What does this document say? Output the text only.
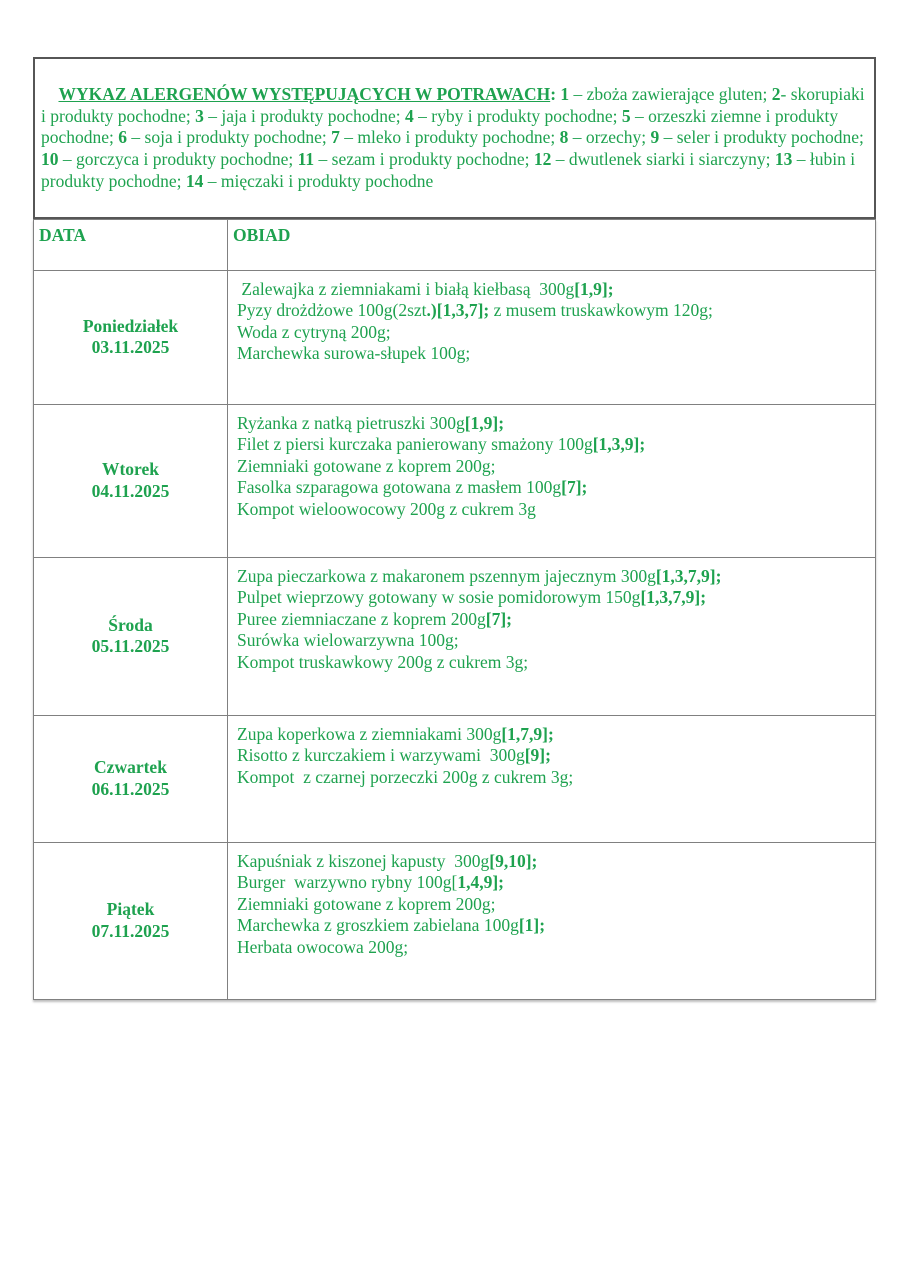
WYKAZ ALERGENÓW WYSTĘPUJĄCYCH W POTRAWACH: 1 – zboża zawierające gluten; 2- skorupiaki i produkty pochodne; 3 – jaja i produkty pochodne; 4 – ryby i produkty pochodne; 5 – orzeszki ziemne i produkty pochodne; 6 – soja i produkty pochodne; 7 – mleko i produkty pochodne; 8 – orzechy; 9 – seler i produkty pochodne; 10 – gorczyca i produkty pochodne; 11 – sezam i produkty pochodne; 12 – dwutlenek siarki i siarczyny; 13 – łubin i produkty pochodne; 14 – mięczaki i produkty pochodne

DATA	OBIAD

Poniedziałek
03.11.2025

Zalewajka z ziemniakami i białą kiełbasą  300g[1,9];
Pyzy drożdżowe 100g(2szt.)[1,3,7]; z musem truskawkowym 120g;
Woda z cytryną 200g;
Marchewka surowa-słupek 100g;

Wtorek
04.11.2025

Ryżanka z natką pietruszki 300g[1,9];
Filet z piersi kurczaka panierowany smażony 100g[1,3,9];
Ziemniaki gotowane z koprem 200g;
Fasolka szparagowa gotowana z masłem 100g[7];
Kompot wieloowocowy 200g z cukrem 3g

Środa
05.11.2025

Zupa pieczarkowa z makaronem pszennym jajecznym 300g[1,3,7,9];
Pulpet wieprzowy gotowany w sosie pomidorowym 150g[1,3,7,9];
Puree ziemniaczane z koprem 200g[7];
Surówka wielowarzywna 100g;
Kompot truskawkowy 200g z cukrem 3g;

Czwartek
06.11.2025

Zupa koperkowa z ziemniakami 300g[1,7,9];
Risotto z kurczakiem i warzywami  300g[9];
Kompot  z czarnej porzeczki 200g z cukrem 3g;

Piątek
07.11.2025

Kapuśniak z kiszonej kapusty  300g[9,10];
Burger  warzywno rybny 100g[1,4,9];
Ziemniaki gotowane z koprem 200g;
Marchewka z groszkiem zabielana 100g[1];
Herbata owocowa 200g;
